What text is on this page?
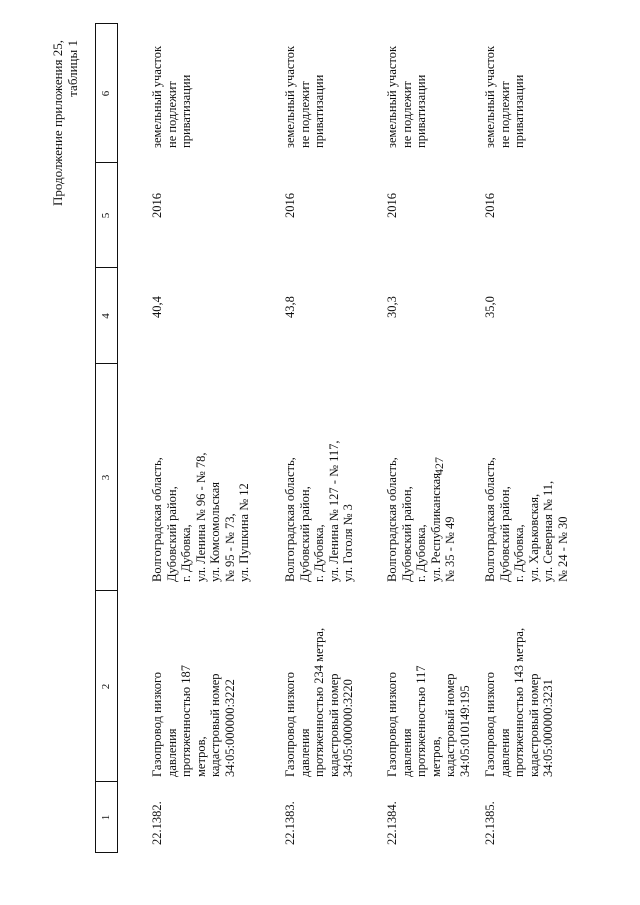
427
Продолжение приложения 25, таблицы 1
1
2
3
4
5
6
22.1382.
Газопровод низкого давления протяженностью 187 метров, кадастровый номер 34:05:000000:3222
Волгоградская область, Дубовский район, г. Дубовка, ул. Ленина № 96 - № 78, ул. Комсомольская № 95 - № 73, ул. Пушкина № 12
40,4
2016
земельный участок не подлежит приватизации
22.1383.
Газопровод низкого давления протяженностью 234 метра, кадастровый номер 34:05:000000:3220
Волгоградская область, Дубовский район, г. Дубовка, ул. Ленина № 127 - № 117, ул. Гоголя № 3
43,8
2016
земельный участок не подлежит приватизации
22.1384.
Газопровод низкого давления протяженностью 117 метров, кадастровый номер 34:05:010149:195
Волгоградская область, Дубовский район, г. Дубовка, ул. Республиканская № 35 - № 49
30,3
2016
земельный участок не подлежит приватизации
22.1385.
Газопровод низкого давления протяженностью 143 метра, кадастровый номер 34:05:000000:3231
Волгоградская область, Дубовский район, г. Дубовка, ул. Харьковская, ул. Северная № 11, № 24 - № 30
35,0
2016
земельный участок не подлежит приватизации
